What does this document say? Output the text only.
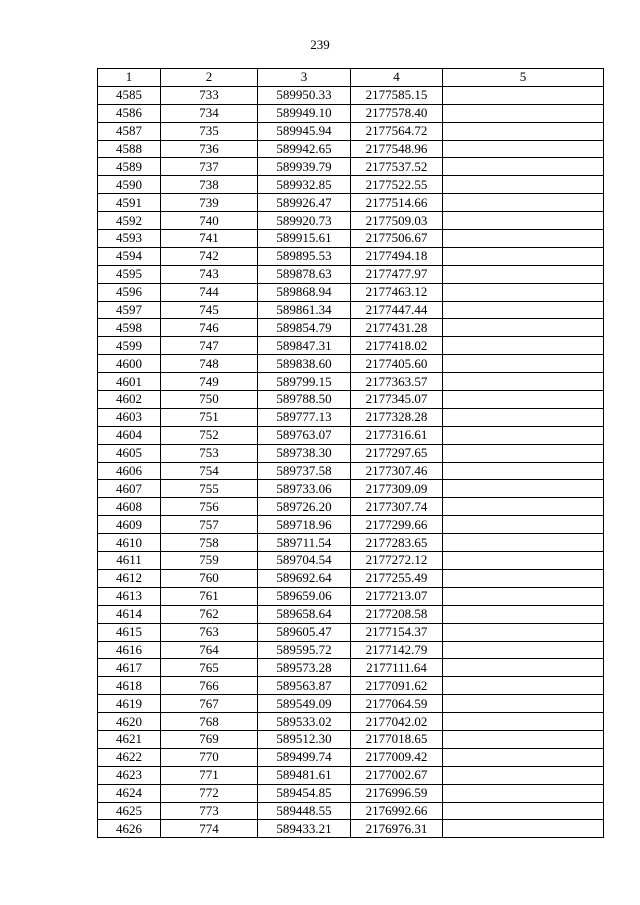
239
1	2	3	4	5
4585	733	589950.33	2177585.15	
4586	734	589949.10	2177578.40	
4587	735	589945.94	2177564.72	
4588	736	589942.65	2177548.96	
4589	737	589939.79	2177537.52	
4590	738	589932.85	2177522.55	
4591	739	589926.47	2177514.66	
4592	740	589920.73	2177509.03	
4593	741	589915.61	2177506.67	
4594	742	589895.53	2177494.18	
4595	743	589878.63	2177477.97	
4596	744	589868.94	2177463.12	
4597	745	589861.34	2177447.44	
4598	746	589854.79	2177431.28	
4599	747	589847.31	2177418.02	
4600	748	589838.60	2177405.60	
4601	749	589799.15	2177363.57	
4602	750	589788.50	2177345.07	
4603	751	589777.13	2177328.28	
4604	752	589763.07	2177316.61	
4605	753	589738.30	2177297.65	
4606	754	589737.58	2177307.46	
4607	755	589733.06	2177309.09	
4608	756	589726.20	2177307.74	
4609	757	589718.96	2177299.66	
4610	758	589711.54	2177283.65	
4611	759	589704.54	2177272.12	
4612	760	589692.64	2177255.49	
4613	761	589659.06	2177213.07	
4614	762	589658.64	2177208.58	
4615	763	589605.47	2177154.37	
4616	764	589595.72	2177142.79	
4617	765	589573.28	2177111.64	
4618	766	589563.87	2177091.62	
4619	767	589549.09	2177064.59	
4620	768	589533.02	2177042.02	
4621	769	589512.30	2177018.65	
4622	770	589499.74	2177009.42	
4623	771	589481.61	2177002.67	
4624	772	589454.85	2176996.59	
4625	773	589448.55	2176992.66	
4626	774	589433.21	2176976.31	
